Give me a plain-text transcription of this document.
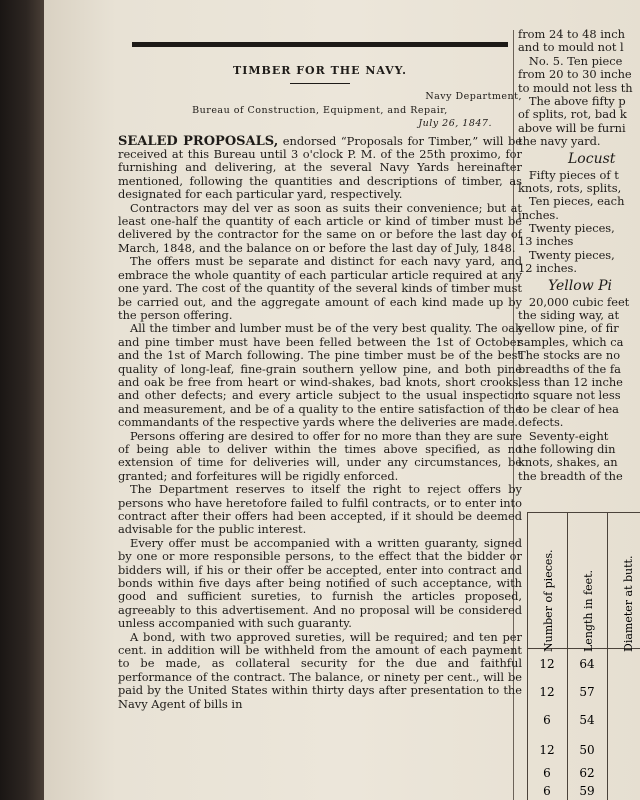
TIMBER FOR THE NAVY.
Navy Department,
Bureau of Construction, Equipment, and Repair,
July 26, 1847.

SEALED PROPOSALS, endorsed “Proposals for Timber,” will be received at this Bureau until 3 o'clock P. M. of the 25th proximo, for furnishing and delivering, at the several Navy Yards hereinafter mentioned, following the quantities and descriptions of timber, as designated for each particular yard, respectively.

Contractors may del ver as soon as suits their convenience; but at least one-half the quantity of each article or kind of timber must be delivered by the contractor for the same on or before the last day of March, 1848, and the balance on or before the last day of July, 1848.

The offers must be separate and distinct for each navy yard, and embrace the whole quantity of each particular article required at any one yard. The cost of the quantity of the several kinds of timber must be carried out, and the aggregate amount of each kind made up by the person offering.

All the timber and lumber must be of the very best quality. The oak and pine timber must have been felled between the 1st of October and the 1st of March following. The pine timber must be of the best quality of long-leaf, fine-grain southern yellow pine, and both pine and oak be free from heart or wind-shakes, bad knots, short crooks, and other defects; and every article subject to the usual inspection and measurement, and be of a quality to the entire satisfaction of the commandants of the respective yards where the deliveries are made.

Persons offering are desired to offer for no more than they are sure of being able to deliver within the times above specified, as no extension of time for deliveries will, under any circumstances, be granted; and forfeitures will be rigidly enforced.

The Department reserves to itself the right to reject offers by persons who have heretofore failed to fulfil contracts, or to enter into contract after their offers had been accepted, if it should be deemed advisable for the public interest.

Every offer must be accompanied with a written guaranty, signed by one or more responsible persons, to the effect that the bidder or bidders will, if his or their offer be accepted, enter into contract and bonds within five days after being notified of such acceptance, with good and sufficient sureties, to furnish the articles proposed, agreeably to this advertisement. And no proposal will be considered unless accompanied with such guaranty.

A bond, with two approved sureties, will be required; and ten per cent. in addition will be withheld from the amount of each payment to be made, as collateral security for the due and faithful performance of the contract. The balance, or ninety per cent., will be paid by the United States within thirty days after presentation to the Navy Agent of bills in

from 24 to 48 inch
and to mould not l
No. 5. Ten piece
from 20 to 30 inche
to mould not less th
The above fifty p
of splits, rot, bad k
above will be furni
the navy yard.
Locust
Fifty pieces of t
knots, rots, splits,
Ten pieces, each
inches.
Twenty pieces,
13 inches
Twenty pieces,
12 inches.
Yellow Pi
20,000 cubic feet
the siding way, at
yellow pine, of fir
samples, which ca
The stocks are no
breadths of the fa
less than 12 inche
to square not less
to be clear of hea
defects.
Seventy-eight
the following din
knots, shakes, an
the breadth of the
Number of pieces. Length in feet. Diameter at butt.
12	64
12	57
6	54
12	50
6	62
6	59
